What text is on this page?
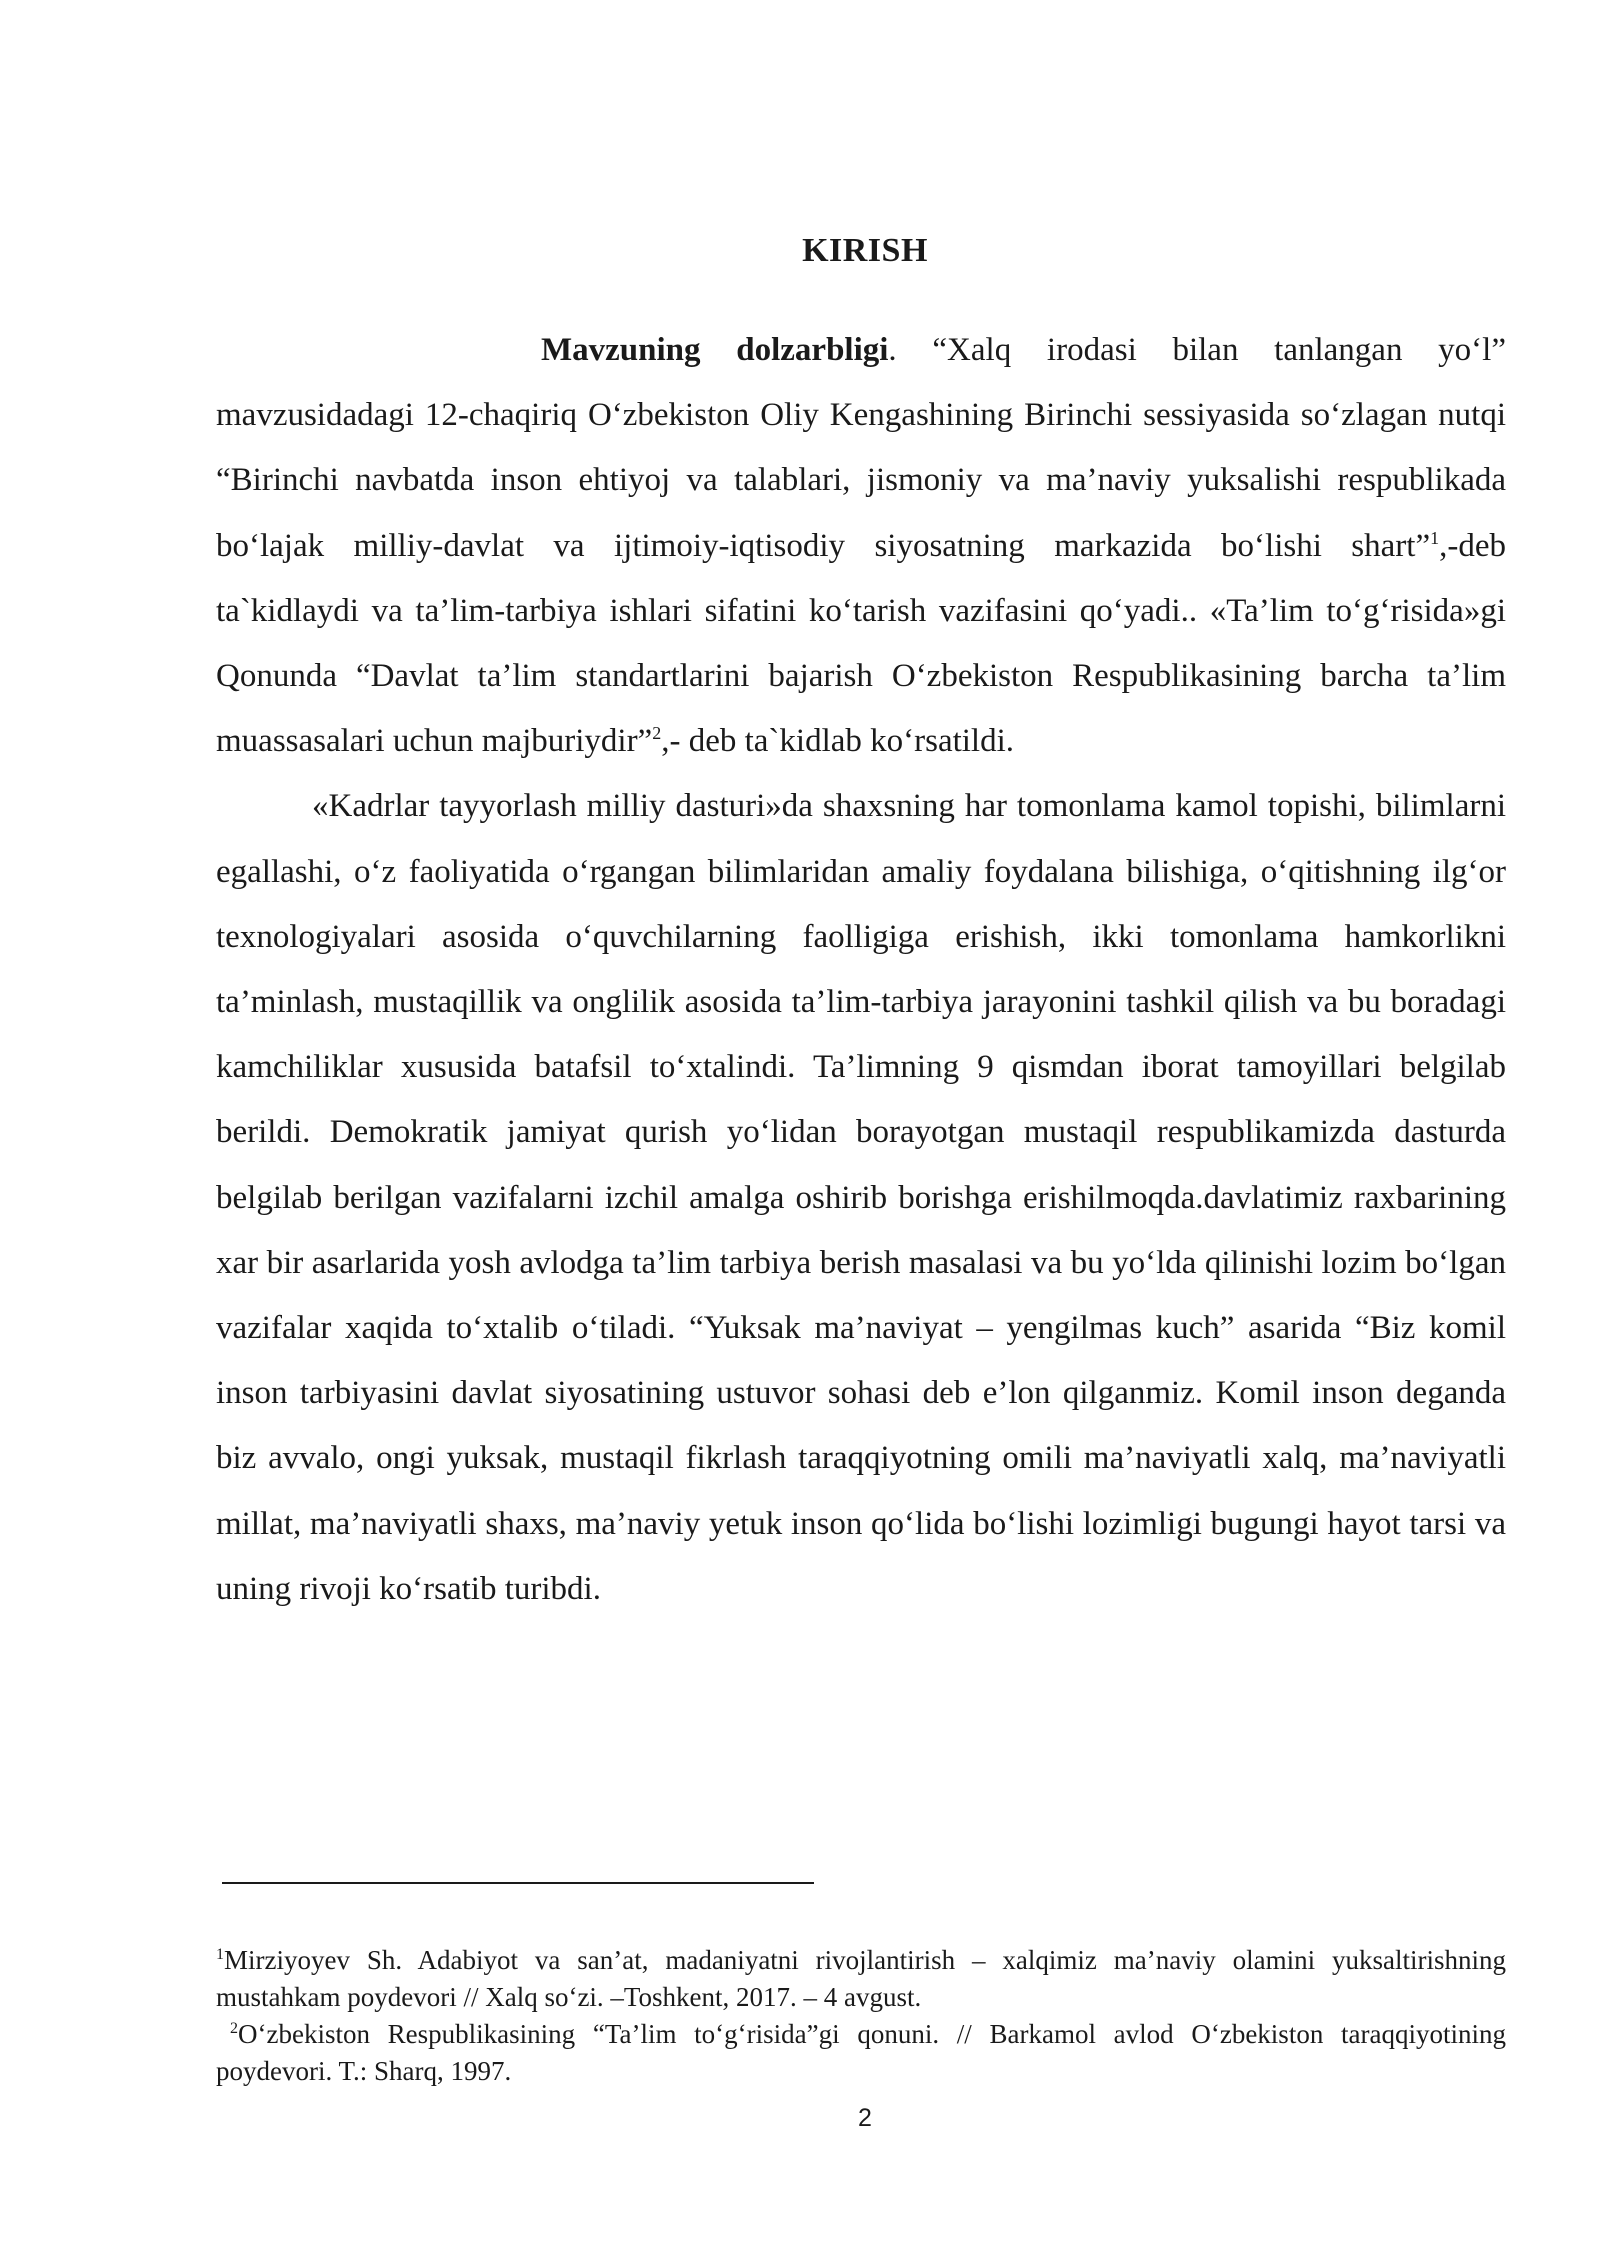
KIRISH

Mavzuning dolzarbligi. “Xalq irodasi bilan tanlangan yo‘l” mavzusidadagi 12-chaqiriq O‘zbekiston Oliy Kengashining Birinchi sessiyasida so‘zlagan nutqi “Birinchi navbatda inson ehtiyoj va talablari, jismoniy va ma’naviy yuksalishi respublikada bo‘lajak milliy-davlat va ijtimoiy-iqtisodiy siyosatning markazida bo‘lishi shart”$^1$,-deb ta`kidlaydi va ta’lim-tarbiya ishlari sifatini ko‘tarish vazifasini qo‘yadi.. «Ta’lim to‘g‘risida»gi Qonunda “Davlat ta’lim standartlarini bajarish O‘zbekiston Respublikasining barcha ta’lim muassasalari uchun majburiydir”$^2$,- deb ta`kidlab ko‘rsatildi.

«Kadrlar tayyorlash milliy dasturi»da shaxsning har tomonlama kamol topishi, bilimlarni egallashi, o‘z faoliyatida o‘rgangan bilimlaridan amaliy foydalana bilishiga, o‘qitishning ilg‘or texnologiyalari asosida o‘quvchilarning faolligiga erishish, ikki tomonlama hamkorlikni ta’minlash, mustaqillik va onglilik asosida ta’lim-tarbiya jarayonini tashkil qilish va bu boradagi kamchiliklar xususida batafsil to‘xtalindi. Ta’limning 9 qismdan iborat tamoyillari belgilab berildi. Demokratik jamiyat qurish yo‘lidan borayotgan mustaqil respublikamizda dasturda belgilab berilgan vazifalarni izchil amalga oshirib borishga erishilmoqda.davlatimiz raxbarining xar bir asarlarida yosh avlodga ta’lim tarbiya berish masalasi va bu yo‘lda qilinishi lozim bo‘lgan vazifalar xaqida to‘xtalib o‘tiladi. “Yuksak ma’naviyat – yengilmas kuch” asarida “Biz komil inson tarbiyasini davlat siyosatining ustuvor sohasi deb e’lon qilganmiz. Komil inson deganda biz avvalo, ongi yuksak, mustaqil fikrlash taraqqiyotning omili ma’naviyatli xalq, ma’naviyatli millat, ma’naviyatli shaxs, ma’naviy yetuk inson qo‘lida bo‘lishi lozimligi bugungi hayot tarsi va uning rivoji ko‘rsatib turibdi.

$^1$Mirziyoyev Sh. Adabiyot va san’at, madaniyatni rivojlantirish – xalqimiz ma’naviy olamini yuksaltirishning mustahkam poydevori // Xalq so‘zi. –Toshkent, 2017. – 4 avgust.

$^2$O‘zbekiston Respublikasining “Ta’lim to‘g‘risida”gi qonuni. // Barkamol avlod O‘zbekiston taraqqiyotining poydevori. T.: Sharq, 1997.

2
